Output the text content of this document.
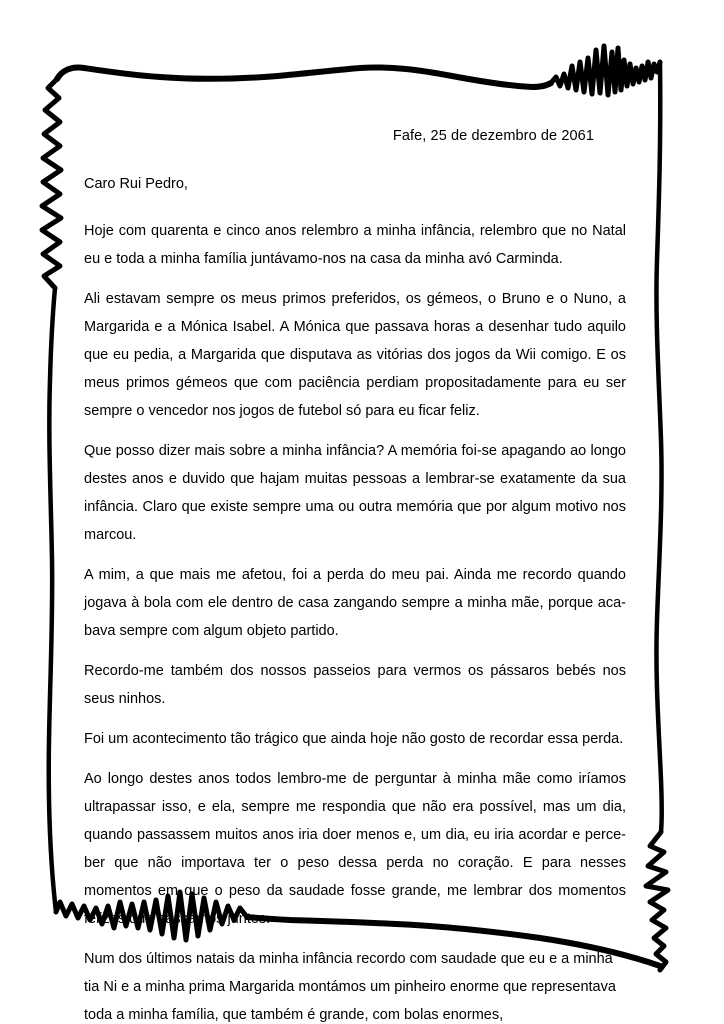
Fafe, 25 de dezembro de 2061
Caro Rui Pedro,

Hoje com quarenta e cinco anos relembro a minha infância, relembro que no Natal eu e toda a minha família juntávamo-nos na casa da minha avó Carminda.

Ali estavam sempre os meus primos preferidos, os gémeos, o Bruno e o Nuno, a Margarida e a Mónica Isabel. A Mónica que passava horas a desenhar tudo aquilo que eu pedia, a Margarida que disputava as vitórias dos jogos da Wii comigo. E os meus primos gémeos que com paciência perdiam propositadamente para eu ser sempre o vencedor nos jogos de futebol só para eu ficar feliz.

Que posso dizer mais sobre a minha infância? A memória foi-se apagando ao longo destes anos e duvido que hajam muitas pessoas a lembrar-se exatamente da sua infância. Claro que existe sempre uma ou outra memória que por algum motivo nos marcou.

A mim, a que mais me afetou, foi a perda do meu pai. Ainda me recordo quando jogava à bola com ele dentro de casa zangando sempre a minha mãe, porque aca-bava sempre com algum objeto partido.

Recordo-me também dos nossos passeios para vermos os pássaros bebés nos seus ninhos.

Foi um acontecimento tão trágico que ainda hoje não gosto de recordar essa perda.

Ao longo destes anos todos lembro-me de perguntar à minha mãe como iríamos ultrapassar isso, e ela, sempre me respondia que não era possível, mas um dia, quando passassem muitos anos iria doer menos e, um dia, eu iria acordar e perce-ber que não importava ter o peso dessa perda no coração. E para nesses momentos em que o peso da saudade fosse grande, me lembrar dos momentos felizes que passamos juntos.

Num dos últimos natais da minha infância recordo com saudade que eu e a minha tia Ni e a minha prima Margarida montámos um pinheiro enorme que representava toda a minha família, que também é grande, com bolas enormes,
